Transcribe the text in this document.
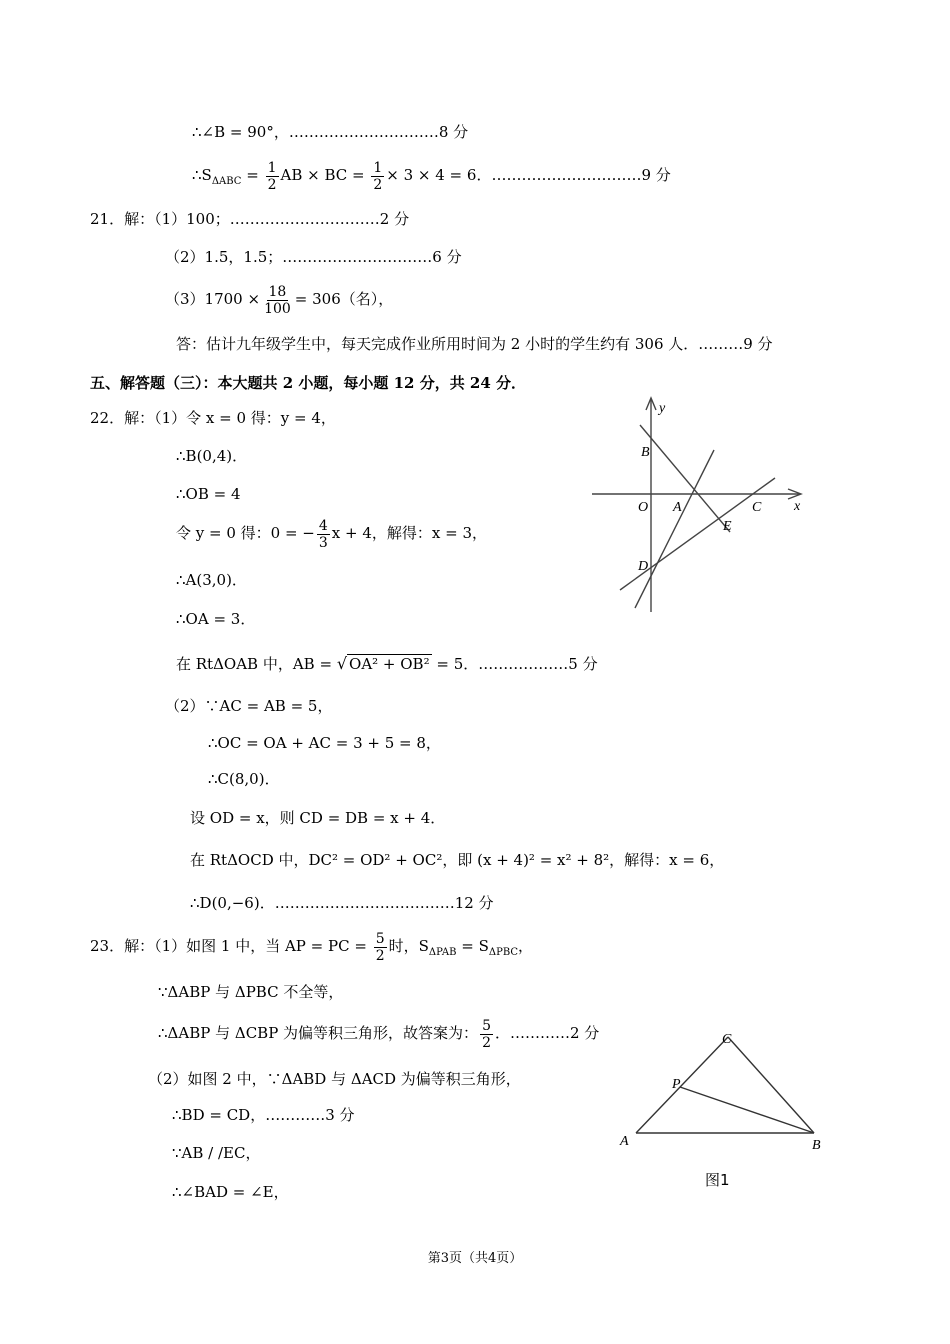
∴∠B = 90°，…………………………8 分
$\therefore S_{\Delta ABC} = \frac{1}{2}$ AB × BC = $\frac{1}{2} \times 3 \times 4 = 6$．…………………………9 分
21．解：（1）100；…………………………2 分
（2）1.5，1.5；…………………………6 分
$(3)1700 \times \frac{18}{100} = 306$（名），
答：估计九年级学生中，每天完成作业所用时间为 2 小时的学生约有 306 人．………9 分
五、解答题（三）：本大题共 2 小题，每小题 12 分，共 24 分．
22．解：（1）令 x = 0 得：y = 4，
∴B(0,4)．
∴OB = 4
令 y = 0 得：0 = − $\frac{4}{3}$ x + 4，解得：x = 3，
∴A(3,0)．
∴OA = 3．
在 RtΔOAB 中，AB = √ OA² + OB² = 5．………………5 分
（2）∵AC = AB = 5，
∴OC = OA + AC = 3 + 5 = 8，
∴C(8,0)．
设 OD = x，则 CD = DB = x + 4．
在 RtΔOCD 中，DC² = OD² + OC²，即 (x + 4)² = x² + 8²，解得：x = 6，
∴D(0,−6)．………………………………12 分
23．解：（1）如图 1 中，当 AP = PC = $\frac{5}{2}$ 时，$S_{\Delta PAB} = S_{\Delta PBC}$，
∵ΔABP 与 ΔPBC 不全等，
∴ΔABP 与 ΔCBP 为偏等积三角形，故答案为： $\frac{5}{2}$ ．…………2 分
（2）如图 2 中，∵ΔABD 与 ΔACD 为偏等积三角形，
∴BD = CD，…………3 分
∵AB / /EC，
∴∠BAD = ∠E，
y
x
B
O A	C
E
D
C
P
A	B
图1
第3页（共4页）
